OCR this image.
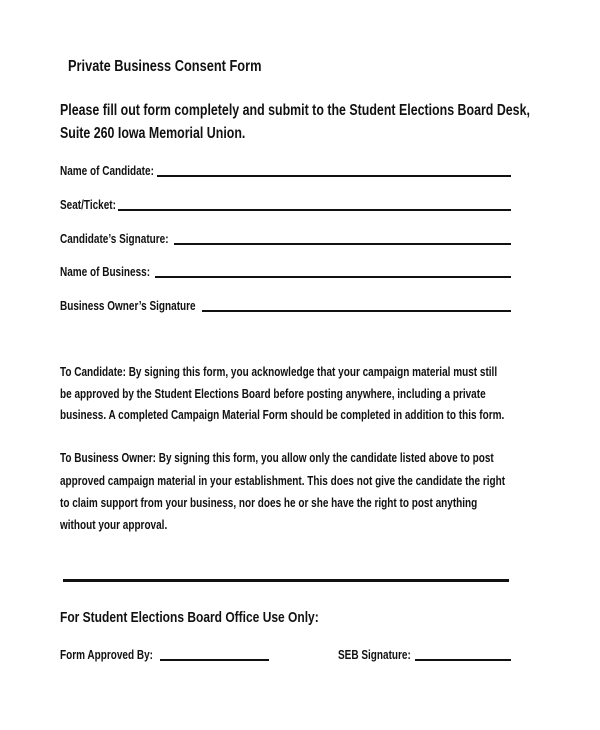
Private Business Consent Form
Please fill out form completely and submit to the Student Elections Board Desk,
Suite 260 Iowa Memorial Union.
Name of Candidate:
Seat/Ticket:
Candidate’s Signature:
Name of Business:
Business Owner’s Signature
To Candidate: By signing this form, you acknowledge that your campaign material must still
be approved by the Student Elections Board before posting anywhere, including a private
business. A completed Campaign Material Form should be completed in addition to this form.
To Business Owner: By signing this form, you allow only the candidate listed above to post
approved campaign material in your establishment. This does not give the candidate the right
to claim support from your business, nor does he or she have the right to post anything
without your approval.
For Student Elections Board Office Use Only:
Form Approved By:	SEB Signature:
